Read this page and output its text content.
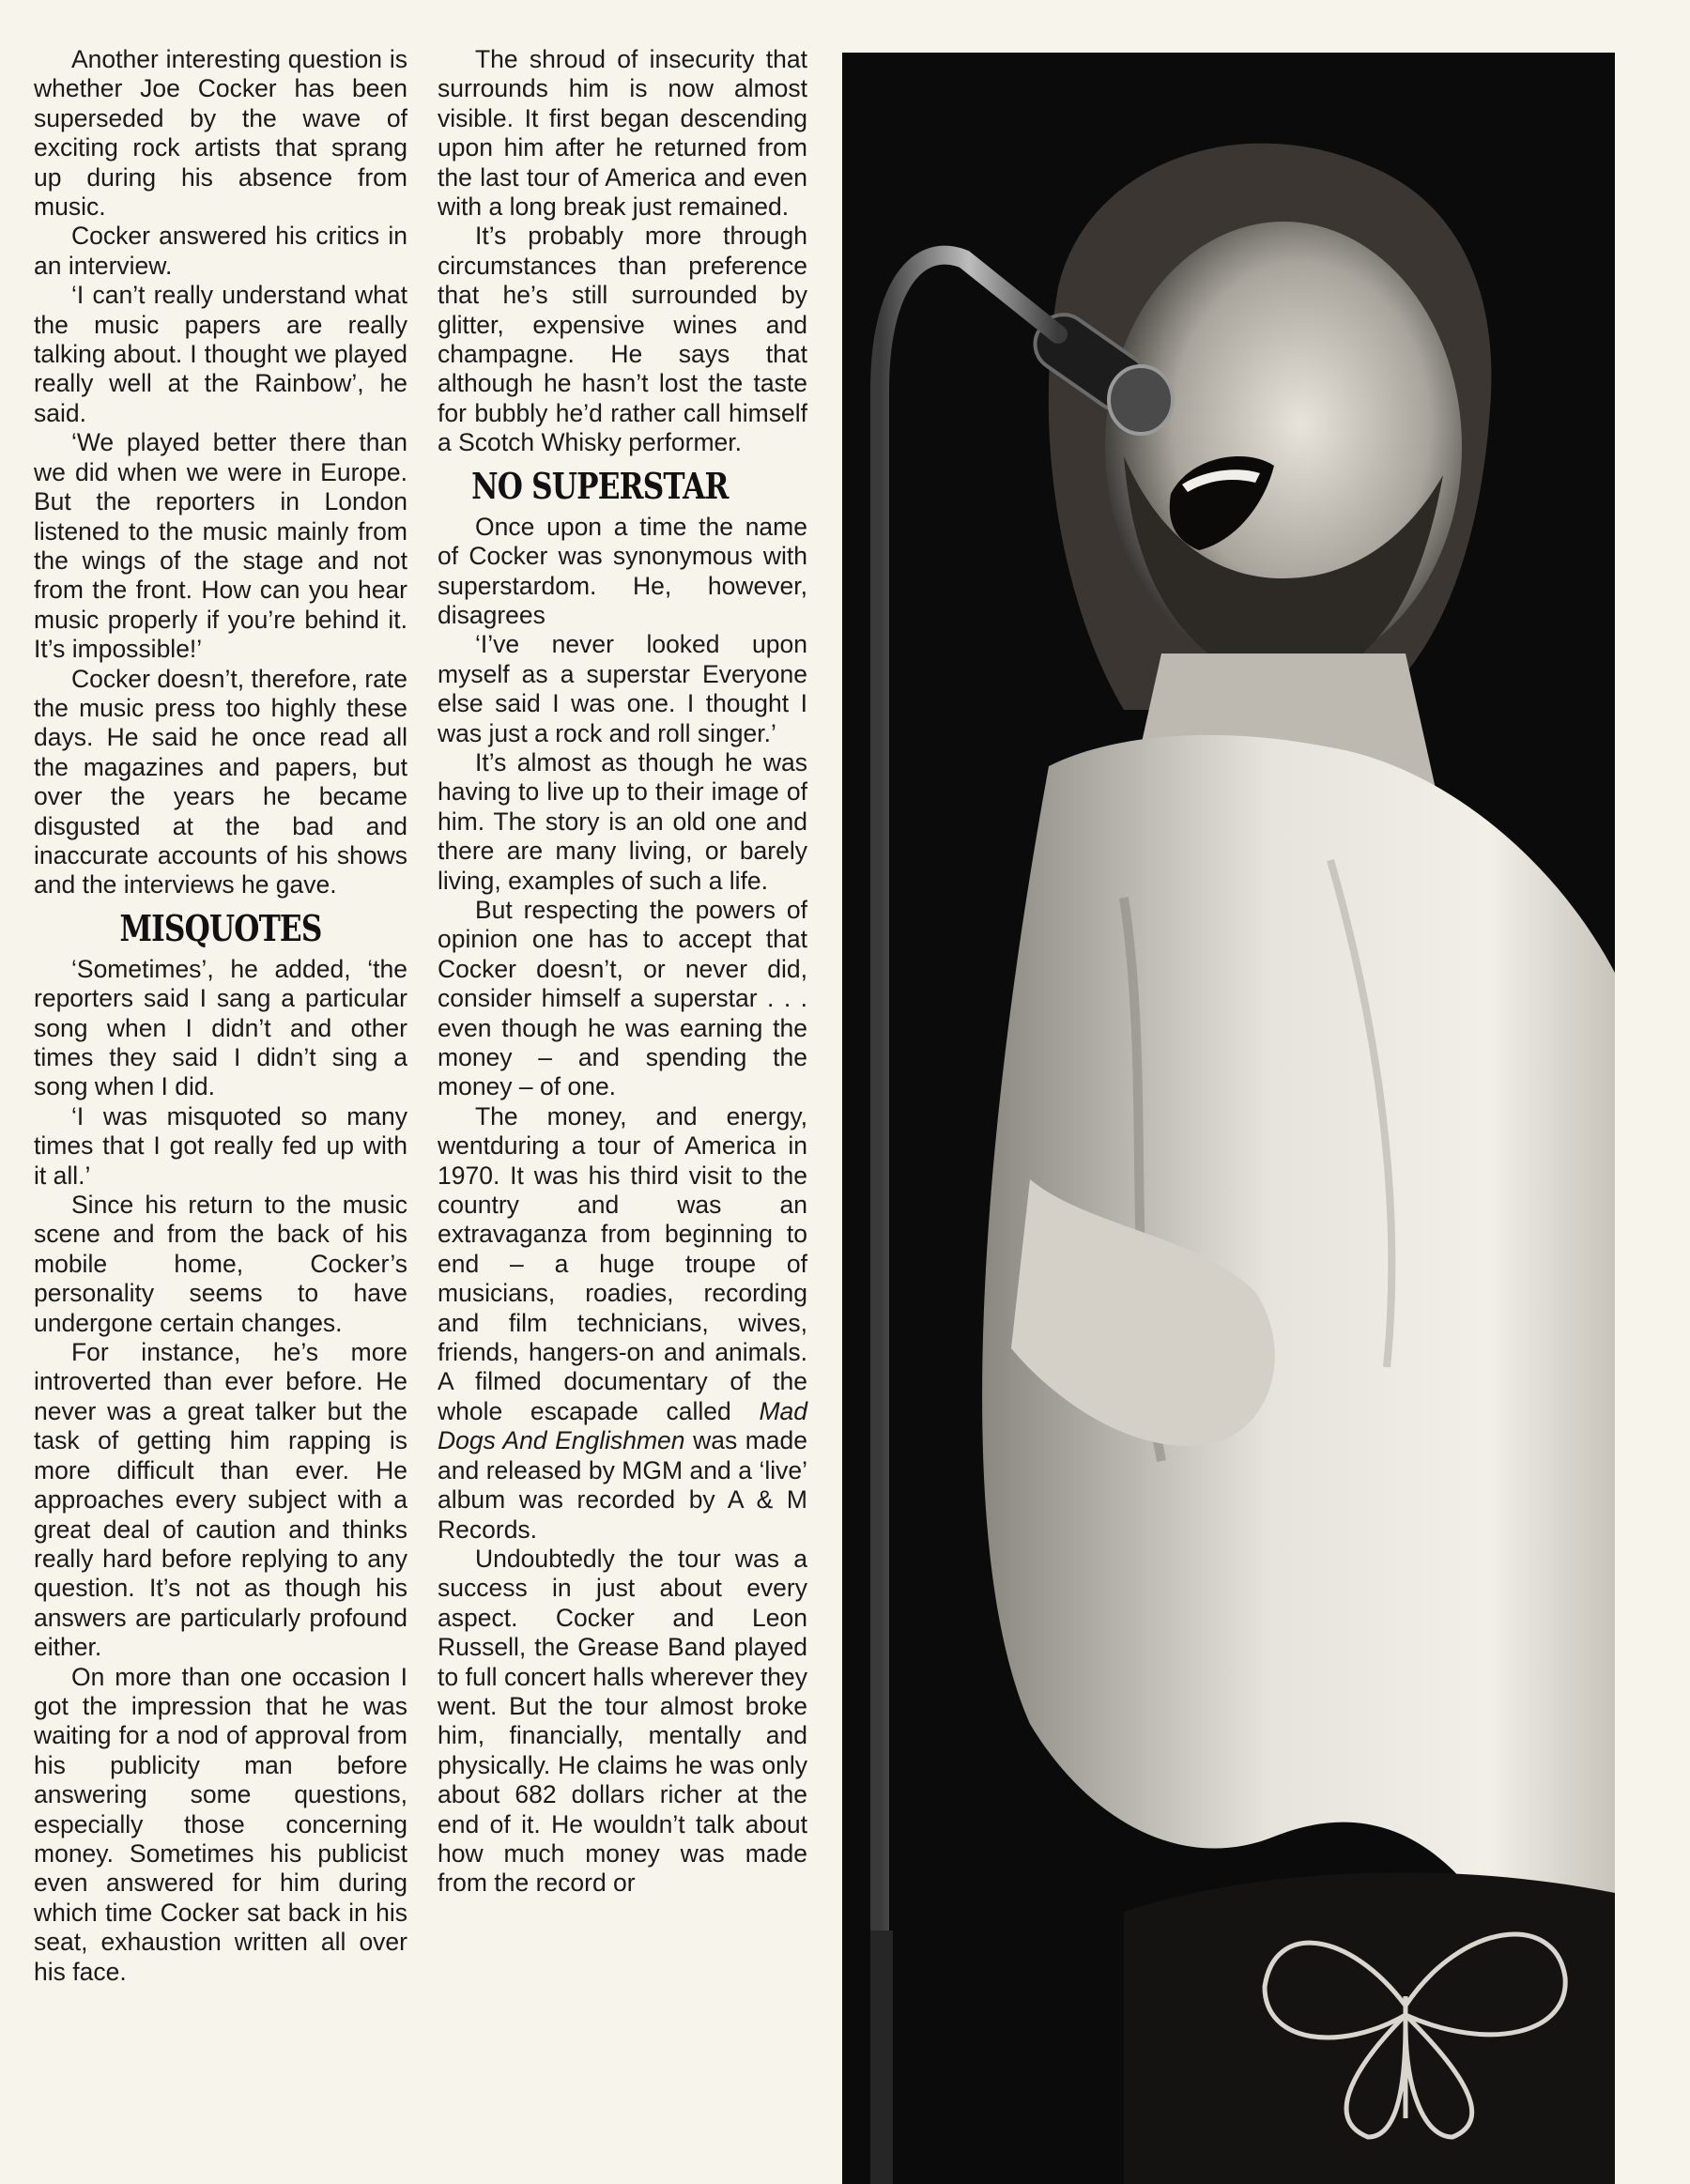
Another interesting question is whether Joe Cocker has been superseded by the wave of exciting rock artists that sprang up during his absence from music.

Cocker answered his critics in an interview.

‘I can’t really understand what the music papers are really talking about. I thought we played really well at the Rainbow’, he said.

‘We played better there than we did when we were in Europe. But the reporters in London listened to the music mainly from the wings of the stage and not from the front. How can you hear music properly if you’re behind it. It’s impossible!’

Cocker doesn’t, therefore, rate the music press too highly these days. He said he once read all the magazines and papers, but over the years he became disgusted at the bad and inaccurate accounts of his shows and the interviews he gave.

MISQUOTES

‘Sometimes’, he added, ‘the reporters said I sang a particular song when I didn’t and other times they said I didn’t sing a song when I did.

‘I was misquoted so many times that I got really fed up with it all.’

Since his return to the music scene and from the back of his mobile home, Cocker’s personality seems to have undergone certain changes.

For instance, he’s more introverted than ever before. He never was a great talker but the task of getting him rapping is more difficult than ever. He approaches every subject with a great deal of caution and thinks really hard before replying to any question. It’s not as though his answers are particularly profound either.

On more than one occasion I got the impression that he was waiting for a nod of approval from his publicity man before answering some questions, especially those concerning money. Sometimes his publicist even answered for him during which time Cocker sat back in his seat, exhaustion written all over his face.

The shroud of insecurity that surrounds him is now almost visible. It first began descending upon him after he returned from the last tour of America and even with a long break just remained.

It’s probably more through circumstances than preference that he’s still surrounded by glitter, expensive wines and champagne. He says that although he hasn’t lost the taste for bubbly he’d rather call himself a Scotch Whisky performer.

NO SUPERSTAR

Once upon a time the name of Cocker was synonymous with superstardom. He, however, disagrees

‘I’ve never looked upon myself as a superstar Everyone else said I was one. I thought I was just a rock and roll singer.’

It’s almost as though he was having to live up to their image of him. The story is an old one and there are many living, or barely living, examples of such a life.

But respecting the powers of opinion one has to accept that Cocker doesn’t, or never did, consider himself a superstar . . . even though he was earning the money – and spending the money – of one.

The money, and energy, wentduring a tour of America in 1970. It was his third visit to the country and was an extravaganza from beginning to end – a huge troupe of musicians, roadies, recording and film technicians, wives, friends, hangers-on and animals. A filmed documentary of the whole escapade called Mad Dogs And Englishmen was made and released by MGM and a ‘live’ album was recorded by A & M Records.

Undoubtedly the tour was a success in just about every aspect. Cocker and Leon Russell, the Grease Band played to full concert halls wherever they went. But the tour almost broke him, financially, mentally and physically. He claims he was only about 682 dollars richer at the end of it. He wouldn’t talk about how much money was made from the record or
